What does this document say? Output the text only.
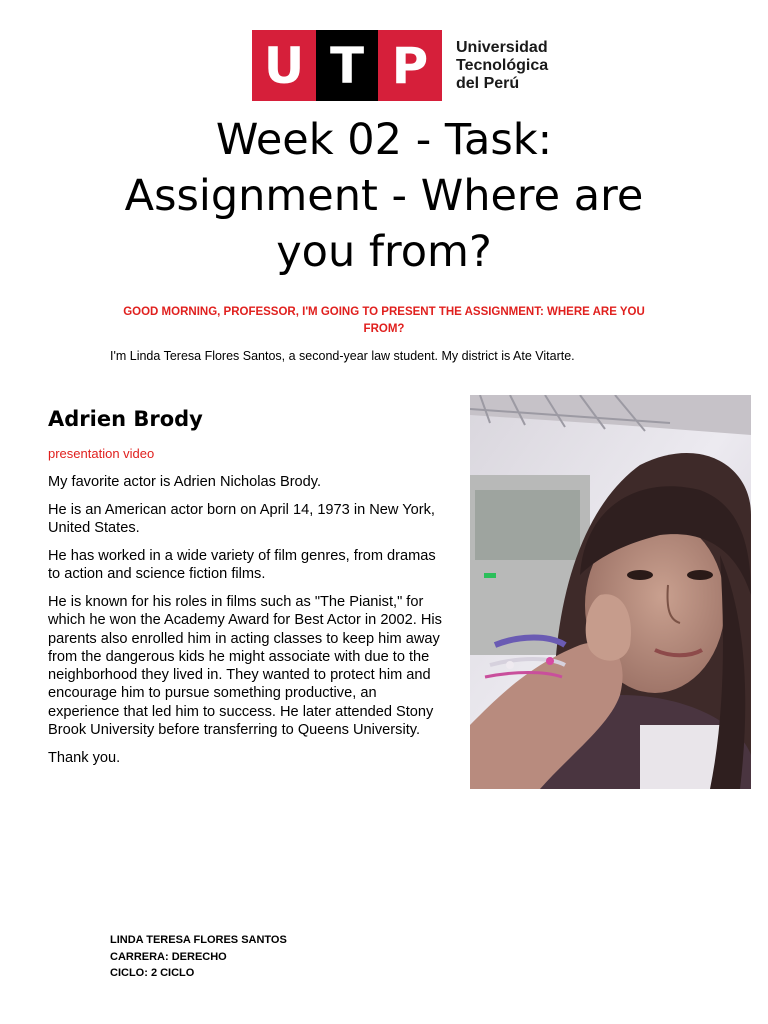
U T P	Universidad
Tecnológica
del Perú
Week 02 - Task: Assignment - Where are you from?
GOOD MORNING, PROFESSOR, I'M GOING TO PRESENT THE ASSIGNMENT: WHERE ARE YOU FROM?
I'm Linda Teresa Flores Santos, a second-year law student. My district is Ate Vitarte.
Adrien Brody
presentation video

My favorite actor is Adrien Nicholas Brody.

He is an American actor born on April 14, 1973 in New York, United States.

He has worked in a wide variety of film genres, from dramas to action and science fiction films.

He is known for his roles in films such as "The Pianist," for which he won the Academy Award for Best Actor in 2002. His parents also enrolled him in acting classes to keep him away from the dangerous kids he might associate with due to the neighborhood they lived in. They wanted to protect him and encourage him to pursue something productive, an experience that led him to success. He later attended Stony Brook University before transferring to Queens University.

Thank you.

LINDA TERESA FLORES SANTOS
CARRERA: DERECHO
CICLO: 2 CICLO
